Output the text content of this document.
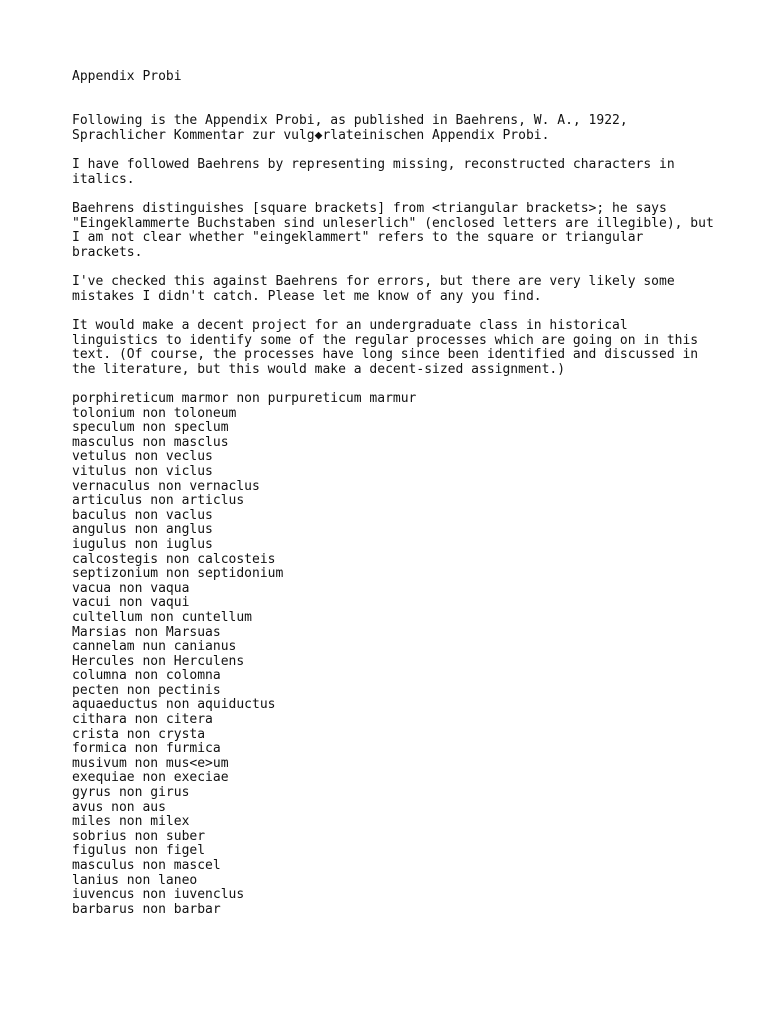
Appendix Probi

Following is the Appendix Probi, as published in Baehrens, W. A., 1922,
Sprachlicher Kommentar zur vulg◆rlateinischen Appendix Probi.

I have followed Baehrens by representing missing, reconstructed characters in
italics.

Baehrens distinguishes [square brackets] from <triangular brackets>; he says
"Eingeklammerte Buchstaben sind unleserlich" (enclosed letters are illegible), but
I am not clear whether "eingeklammert" refers to the square or triangular
brackets.

I've checked this against Baehrens for errors, but there are very likely some
mistakes I didn't catch. Please let me know of any you find.

It would make a decent project for an undergraduate class in historical
linguistics to identify some of the regular processes which are going on in this
text. (Of course, the processes have long since been identified and discussed in
the literature, but this would make a decent-sized assignment.)

porphireticum marmor non purpureticum marmur
tolonium non toloneum
speculum non speclum
masculus non masclus
vetulus non veclus
vitulus non viclus
vernaculus non vernaclus
articulus non articlus
baculus non vaclus
angulus non anglus
iugulus non iuglus
calcostegis non calcosteis
septizonium non septidonium
vacua non vaqua
vacui non vaqui
cultellum non cuntellum
Marsias non Marsuas
cannelam nun canianus
Hercules non Herculens
columna non colomna
pecten non pectinis
aquaeductus non aquiductus
cithara non citera
crista non crysta
formica non furmica
musivum non mus<e>um
exequiae non execiae
gyrus non girus
avus non aus
miles non milex
sobrius non suber
figulus non figel
masculus non mascel
lanius non laneo
iuvencus non iuvenclus
barbarus non barbar
